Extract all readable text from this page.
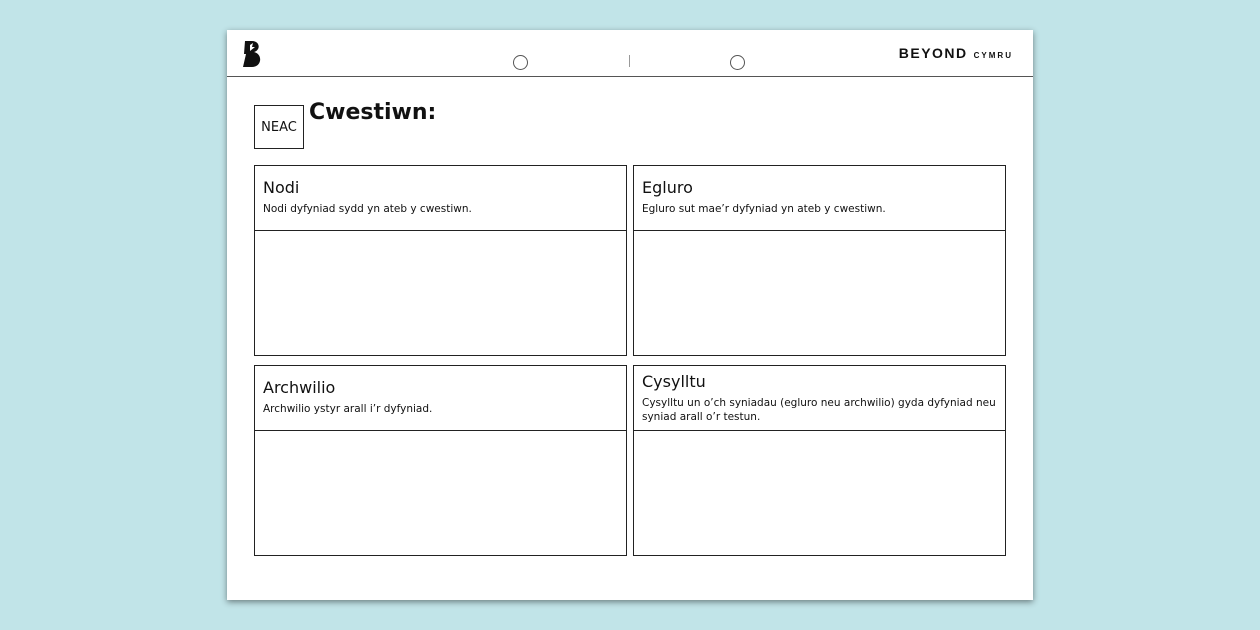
BEYOND CYMRU
NEAC
Cwestiwn:
Nodi
Nodi dyfyniad sydd yn ateb y cwestiwn.
Egluro
Egluro sut mae’r dyfyniad yn ateb y cwestiwn.
Archwilio
Archwilio ystyr arall i’r dyfyniad.
Cysylltu
Cysylltu un o’ch syniadau (egluro neu archwilio) gyda dyfyniad neu syniad arall o’r testun.
